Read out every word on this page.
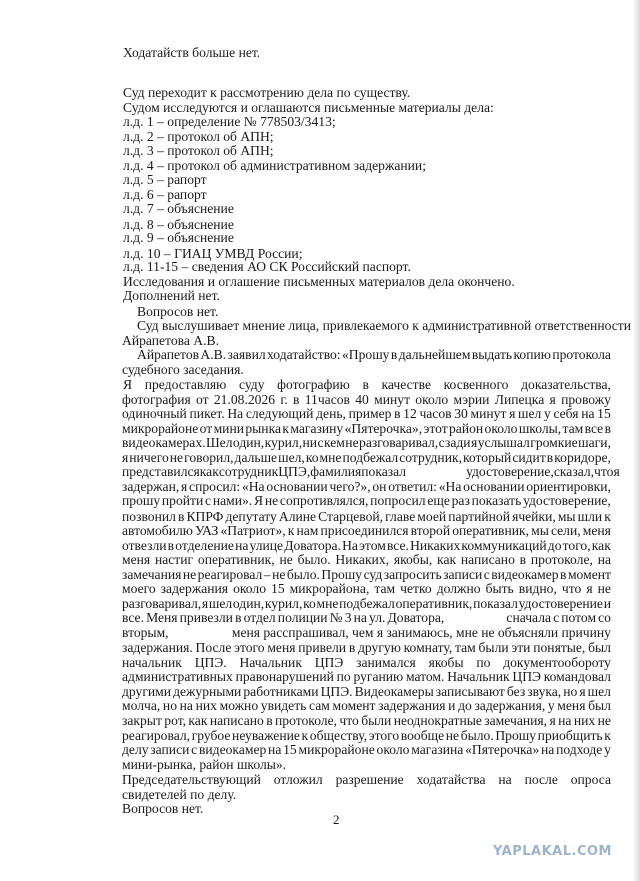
Ходатайств больше нет.
Суд переходит к рассмотрению дела по существу.
Судом исследуются и оглашаются письменные материалы дела:
л.д. 1 – определение № 778503/3413;
л.д. 2 – протокол об АПН;
л.д. 3 – протокол об АПН;
л.д. 4 – протокол об административном задержании;
л.д. 5 – рапорт
л.д. 6 – рапорт
л.д. 7 – объяснение
л.д. 8 – объяснение
л.д. 9 – объяснение
л.д. 10 – ГИАЦ УМВД России;
л.д. 11-15 – сведения АО СК Российский паспорт.
Исследования и оглашение письменных материалов дела окончено.
Дополнений нет.
Вопросов нет.
Суд выслушивает мнение лица, привлекаемого к административной ответственности
Айрапетова А.В.
Айрапетов А.В. заявил ходатайство: «Прошу в дальнейшем выдать копию протокола
судебного заседания.
Я предоставляю суду фотографию в качестве косвенного доказательства,
фотография от 21.08.2026 г. в 11часов 40 минут около мэрии Липецка я провожу
одиночный пикет. На следующий день, пример в 12 часов 30 минут я шел у себя на 15
микрорайоне от мини рынка к магазину «Пятерочка», этот район около школы, там все в
видеокамерах. Шел один, курил, ни с кем не разговаривал, сзади я услышал громкие шаги,
я ничего не говорил, дальше шел, ко мне подбежал сотрудник, который сидит в коридоре,
представился как сотрудник ЦПЭ, фамилия показал	удостоверение, сказал, что я
задержан, я спросил: «На основании чего?», он ответил: «На основании ориентировки,
прошу пройти с нами». Я не сопротивлялся, попросил еще раз показать удостоверение,
позвонил в КПРФ депутату Алине Старцевой, главе моей партийной ячейки, мы шли к
автомобилю УАЗ «Патриот», к нам присоединился второй оперативник, мы сели, меня
отвезли в отделение на улице Доватора. На этом все. Никаких коммуникаций до того, как
меня настиг оперативник, не было. Никаких, якобы, как написано в протоколе, на
замечания не реагировал – не было. Прошу суд запросить записи с видеокамер в момент
моего задержания около 15 микрорайона, там четко должно быть видно, что я не
разговаривал, я шел один, курил, ко мне подбежал оперативник, показал удостоверение и
все. Меня привезли в отдел полиции № 3 на ул. Доватора,	сначала с потом со
вторым,	меня расспрашивал, чем я занимаюсь, мне не объясняли причину
задержания. После этого меня привели в другую комнату, там были эти понятые, был
начальник ЦПЭ. Начальник ЦПЭ занимался якобы по документообороту
административных правонарушений по руганию матом. Начальник ЦПЭ командовал
другими дежурными работниками ЦПЭ. Видеокамеры записывают без звука, но я шел
молча, но на них можно увидеть сам момент задержания и до задержания, у меня был
закрыт рот, как написано в протоколе, что были неоднократные замечания, я на них не
реагировал, грубое неуважение к обществу, этого вообще не было. Прошу приобщить к
делу записи с видеокамер на 15 микрорайоне около магазина «Пятерочка» на подходе у
мини-рынка, район школы».
Председательствующий отложил разрешение ходатайства на после опроса
свидетелей по делу.
Вопросов нет.
2
YAPLAKAL.COM
